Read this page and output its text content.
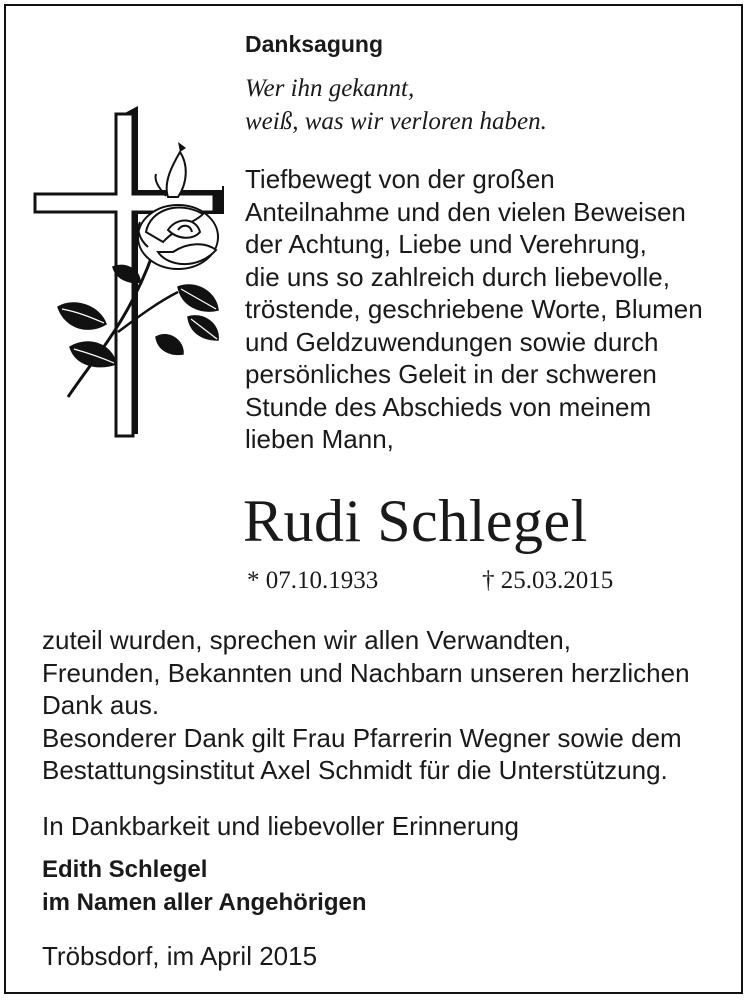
Danksagung
Wer ihn gekannt,
weiß, was wir verloren haben.
Tiefbewegt von der großen
Anteilnahme und den vielen Beweisen
der Achtung, Liebe und Verehrung,
die uns so zahlreich durch liebevolle,
tröstende, geschriebene Worte, Blumen
und Geldzuwendungen sowie durch
persönliches Geleit in der schweren
Stunde des Abschieds von meinem
lieben Mann,
Rudi Schlegel
* 07.10.1933	† 25.03.2015
zuteil wurden, sprechen wir allen Verwandten,
Freunden, Bekannten und Nachbarn unseren herzlichen
Dank aus.
Besonderer Dank gilt Frau Pfarrerin Wegner sowie dem
Bestattungsinstitut Axel Schmidt für die Unterstützung.
In Dankbarkeit und liebevoller Erinnerung
Edith Schlegel
im Namen aller Angehörigen
Tröbsdorf, im April 2015
